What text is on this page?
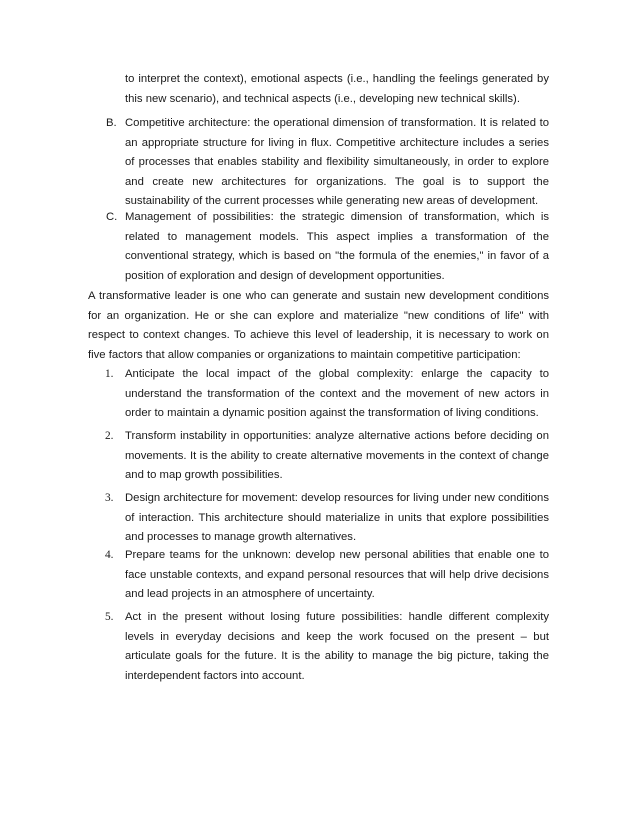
to interpret the context), emotional aspects (i.e., handling the feelings generated by this new scenario), and technical aspects (i.e., developing new technical skills).

B. Competitive architecture: the operational dimension of transformation. It is related to an appropriate structure for living in flux. Competitive architecture includes a series of processes that enables stability and flexibility simultaneously, in order to explore and create new architectures for organizations. The goal is to support the sustainability of the current processes while generating new areas of development.

C. Management of possibilities: the strategic dimension of transformation, which is related to management models. This aspect implies a transformation of the conventional strategy, which is based on "the formula of the enemies," in favor of a position of exploration and design of development opportunities.

A transformative leader is one who can generate and sustain new development conditions for an organization. He or she can explore and materialize "new conditions of life" with respect to context changes. To achieve this level of leadership, it is necessary to work on five factors that allow companies or organizations to maintain competitive participation:

1. Anticipate the local impact of the global complexity: enlarge the capacity to understand the transformation of the context and the movement of new actors in order to maintain a dynamic position against the transformation of living conditions.

2. Transform instability in opportunities: analyze alternative actions before deciding on movements. It is the ability to create alternative movements in the context of change and to map growth possibilities.

3. Design architecture for movement: develop resources for living under new conditions of interaction. This architecture should materialize in units that explore possibilities and processes to manage growth alternatives.

4. Prepare teams for the unknown: develop new personal abilities that enable one to face unstable contexts, and expand personal resources that will help drive decisions and lead projects in an atmosphere of uncertainty.

5. Act in the present without losing future possibilities: handle different complexity levels in everyday decisions and keep the work focused on the present – but articulate goals for the future. It is the ability to manage the big picture, taking the interdependent factors into account.
